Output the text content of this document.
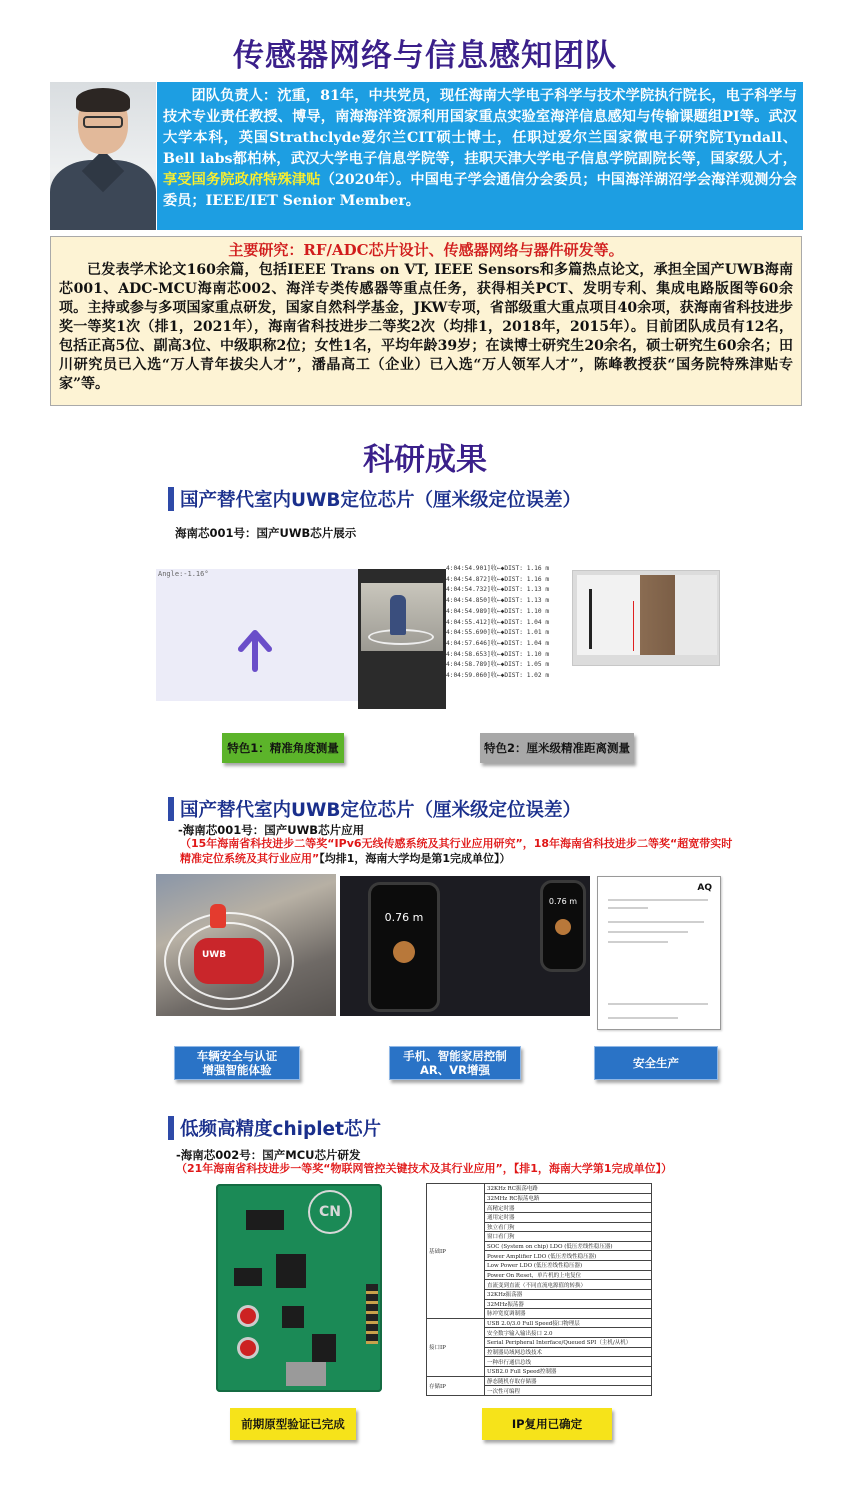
传感器网络与信息感知团队
团队负责人：沈重，81年，中共党员，现任海南大学电子科学与技术学院执行院长，电子科学与技术专业责任教授、博导，南海海洋资源利用国家重点实验室海洋信息感知与传输课题组PI等。武汉大学本科，英国Strathclyde爱尔兰CIT硕士博士，任职过爱尔兰国家微电子研究院Tyndall、Bell labs都柏林，武汉大学电子信息学院等，挂职天津大学电子信息学院副院长等，国家级人才，享受国务院政府特殊津贴（2020年）。中国电子学会通信分会委员；中国海洋湖沼学会海洋观测分会委员；IEEE/IET Senior Member。
主要研究：RF/ADC芯片设计、传感器网络与器件研发等。
已发表学术论文160余篇，包括IEEE Trans on VT, IEEE Sensors和多篇热点论文，承担全国产UWB海南芯001、ADC-MCU海南芯002、海洋专类传感器等重点任务，获得相关PCT、发明专利、集成电路版图等60余项。主持或参与多项国家重点研发，国家自然科学基金，JKW专项，省部级重大重点项目40余项，获海南省科技进步奖一等奖1次（排1，2021年），海南省科技进步二等奖2次（均排1，2018年，2015年）。目前团队成员有12名，包括正高5位、副高3位、中级职称2位；女性1名，平均年龄39岁；在读博士研究生20余名，硕士研究生60余名；田川研究员已入选“万人青年拔尖人才”，潘晶高工（企业）已入选“万人领军人才”，陈峰教授获“国务院特殊津贴专家”等。
科研成果
国产替代室内UWB定位芯片（厘米级定位误差）
海南芯001号：国产UWB芯片展示
Angle:-1.16°
4:04:54.901]收←◆DIST: 1.16 m
4:04:54.872]收←◆DIST: 1.16 m
4:04:54.732]收←◆DIST: 1.13 m
4:04:54.850]收←◆DIST: 1.13 m
4:04:54.989]收←◆DIST: 1.10 m
4:04:55.412]收←◆DIST: 1.04 m
4:04:55.690]收←◆DIST: 1.01 m
4:04:57.646]收←◆DIST: 1.04 m
4:04:58.653]收←◆DIST: 1.10 m
4:04:58.789]收←◆DIST: 1.05 m
4:04:59.060]收←◆DIST: 1.02 m
特色1：精准角度测量	特色2：厘米级精准距离测量
国产替代室内UWB定位芯片（厘米级定位误差）
-海南芯001号：国产UWB芯片应用
（15年海南省科技进步二等奖“IPv6无线传感系统及其行业应用研究”，18年海南省科技进步二等奖“超宽带实时精准定位系统及其行业应用”【均排1，海南大学均是第1完成单位】）
UWB
0.76 m
0.76 m
AQ
车辆安全与认证
增强智能体验
手机、智能家居控制
AR、VR增强	安全生产
低频高精度chiplet芯片
-海南芯002号：国产MCU芯片研发
（21年海南省科技进步一等奖“物联网管控关键技术及其行业应用”，【排1，海南大学第1完成单位】）
CN
基础IP	32KHz RC振荡电路
	32MHz RC振荡电路
	高精定时器
	通用定时器
	独立看门狗
	窗口看门狗
	SOC (System on chip) LDO (低压差线性稳压器)
	Power Amplifier LDO (低压差线性稳压器)
	Low Power LDO (低压差线性稳压器)
	Power On Reset，单片机的上电复位
	直流变到直流（不同直流电源值的转换）
	32KHz振荡器
	32MHz振荡器
	脉冲宽度调制器
接口IP	USB 2.0/3.0 Full Speed接口物理层
	安全数字输入输出接口 2.0
	Serial Peripheral Interface/Queued SPI（主机/从机）
	控制器局域网总线技术
	一种串行通信总线
	USB2.0 Full Speed控制器
存储IP	静态随机存取存储器
	一次性可编程
前期原型验证已完成	IP复用已确定
